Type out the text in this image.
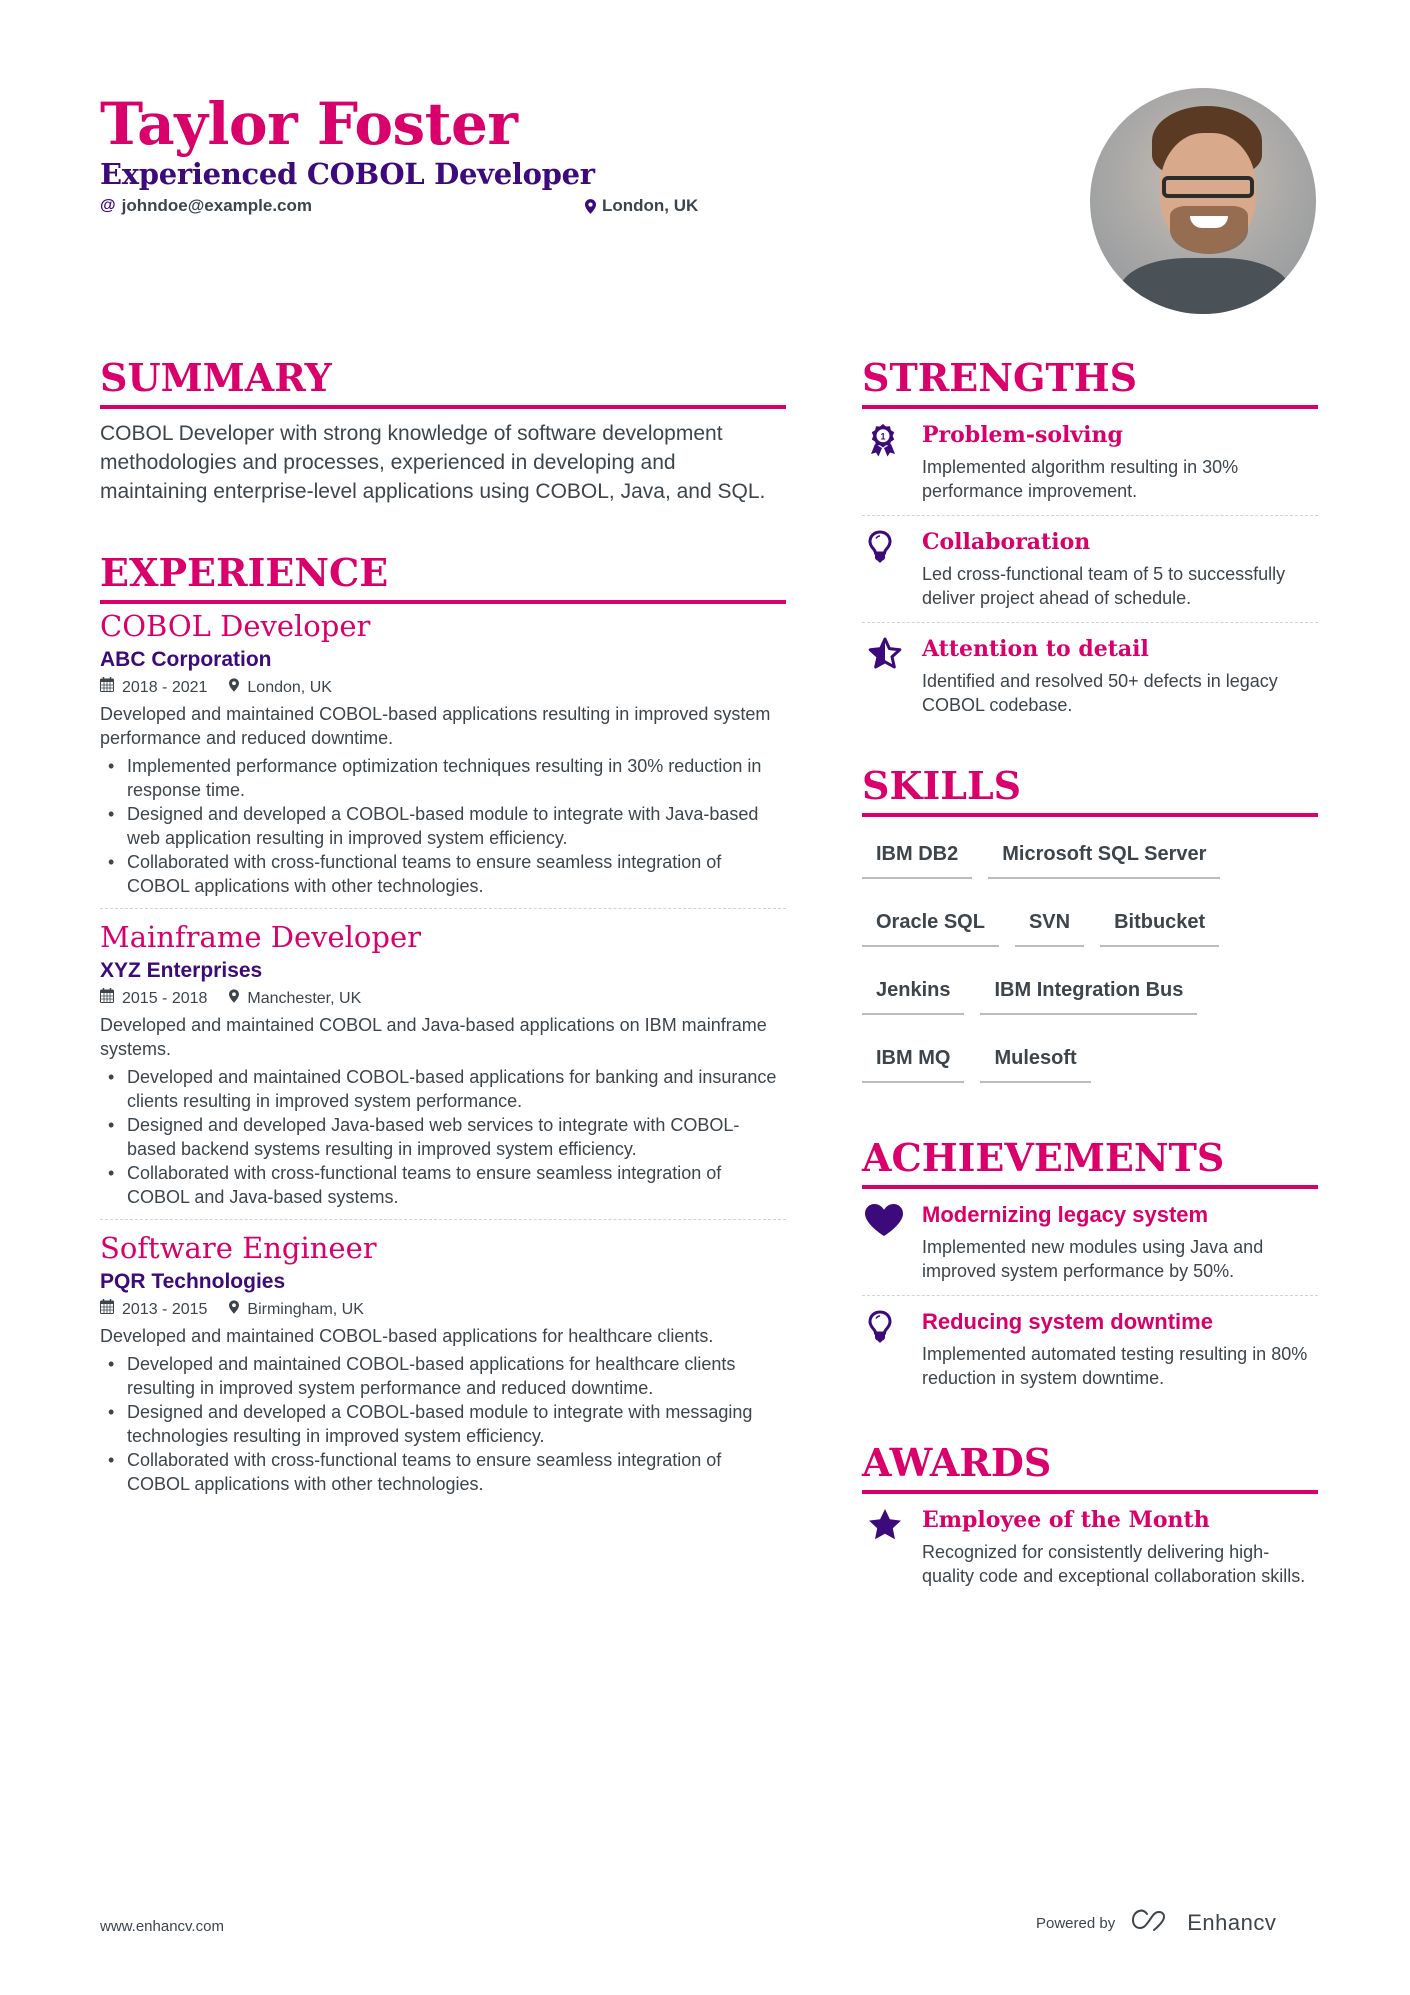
Taylor Foster
Experienced COBOL Developer
@ johndoe@example.com	London, UK
SUMMARY

COBOL Developer with strong knowledge of software development methodologies and processes, experienced in developing and maintaining enterprise-level applications using COBOL, Java, and SQL.

EXPERIENCE
COBOL Developer
ABC Corporation
2018 - 2021	London, UK
Developed and maintained COBOL-based applications resulting in improved system performance and reduced downtime.
• Implemented performance optimization techniques resulting in 30% reduction in response time.
• Designed and developed a COBOL-based module to integrate with Java-based web application resulting in improved system efficiency.
• Collaborated with cross-functional teams to ensure seamless integration of COBOL applications with other technologies.
Mainframe Developer
XYZ Enterprises
2015 - 2018	Manchester, UK
Developed and maintained COBOL and Java-based applications on IBM mainframe systems.
• Developed and maintained COBOL-based applications for banking and insurance clients resulting in improved system performance.
• Designed and developed Java-based web services to integrate with COBOL-based backend systems resulting in improved system efficiency.
• Collaborated with cross-functional teams to ensure seamless integration of COBOL and Java-based systems.
Software Engineer
PQR Technologies
2013 - 2015	Birmingham, UK
Developed and maintained COBOL-based applications for healthcare clients.
• Developed and maintained COBOL-based applications for healthcare clients resulting in improved system performance and reduced downtime.
• Designed and developed a COBOL-based module to integrate with messaging technologies resulting in improved system efficiency.
• Collaborated with cross-functional teams to ensure seamless integration of COBOL applications with other technologies.
STRENGTHS
1 Problem-solving
Implemented algorithm resulting in 30% performance improvement.
Collaboration
Led cross-functional team of 5 to successfully deliver project ahead of schedule.
Attention to detail
Identified and resolved 50+ defects in legacy COBOL codebase.
SKILLS
IBM DB2	Microsoft SQL Server
Oracle SQL	SVN	Bitbucket
Jenkins	IBM Integration Bus
IBM MQ	Mulesoft
ACHIEVEMENTS
Modernizing legacy system
Implemented new modules using Java and improved system performance by 50%.
Reducing system downtime
Implemented automated testing resulting in 80% reduction in system downtime.
AWARDS
Employee of the Month
Recognized for consistently delivering high-quality code and exceptional collaboration skills.
www.enhancv.com	Powered by	Enhancv
